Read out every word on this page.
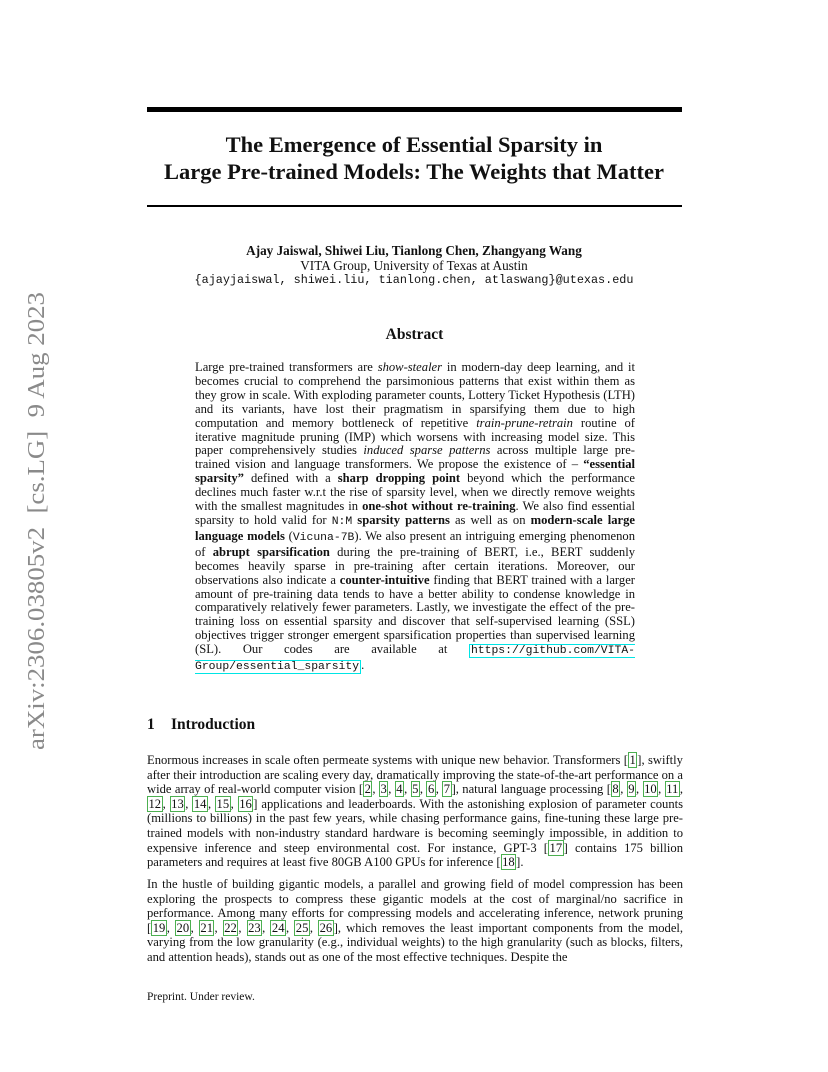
arXiv:2306.03805v2  [cs.LG]  9 Aug 2023
The Emergence of Essential Sparsity in
Large Pre-trained Models: The Weights that Matter
Ajay Jaiswal, Shiwei Liu, Tianlong Chen, Zhangyang Wang
VITA Group, University of Texas at Austin
{ajayjaiswal, shiwei.liu, tianlong.chen, atlaswang}@utexas.edu
Abstract
Large pre-trained transformers are show-stealer in modern-day deep learning, and it becomes crucial to comprehend the parsimonious patterns that exist within them as they grow in scale. With exploding parameter counts, Lottery Ticket Hypothesis (LTH) and its variants, have lost their pragmatism in sparsifying them due to high computation and memory bottleneck of repetitive train-prune-retrain routine of iterative magnitude pruning (IMP) which worsens with increasing model size. This paper comprehensively studies induced sparse patterns across multiple large pre-trained vision and language transformers. We propose the existence of – “essential sparsity” defined with a sharp dropping point beyond which the performance declines much faster w.r.t the rise of sparsity level, when we directly remove weights with the smallest magnitudes in one-shot without re-training. We also find essential sparsity to hold valid for N:M sparsity patterns as well as on modern-scale large language models (Vicuna-7B). We also present an intriguing emerging phenomenon of abrupt sparsification during the pre-training of BERT, i.e., BERT suddenly becomes heavily sparse in pre-training after certain iterations. Moreover, our observations also indicate a counter-intuitive finding that BERT trained with a larger amount of pre-training data tends to have a better ability to condense knowledge in comparatively relatively fewer parameters. Lastly, we investigate the effect of the pre-training loss on essential sparsity and discover that self-supervised learning (SSL) objectives trigger stronger emergent sparsification properties than supervised learning (SL). Our codes are available at https://github.com/VITA-Group/essential_sparsity .
1 Introduction
Enormous increases in scale often permeate systems with unique new behavior. Transformers [ 1 ], swiftly after their introduction are scaling every day, dramatically improving the state-of-the-art performance on a wide array of real-world computer vision [ 2 , 3 , 4 , 5 , 6 , 7 ], natural language processing [ 8 , 9 , 10 , 11 , 12 , 13 , 14 , 15 , 16 ] applications and leaderboards. With the astonishing explosion of parameter counts (millions to billions) in the past few years, while chasing performance gains, fine-tuning these large pre-trained models with non-industry standard hardware is becoming seemingly impossible, in addition to expensive inference and steep environmental cost. For instance, GPT-3 [ 17 ] contains 175 billion parameters and requires at least five 80GB A100 GPUs for inference [ 18 ].
In the hustle of building gigantic models, a parallel and growing field of model compression has been exploring the prospects to compress these gigantic models at the cost of marginal/no sacrifice in performance. Among many efforts for compressing models and accelerating inference, network pruning [ 19 , 20 , 21 , 22 , 23 , 24 , 25 , 26 ], which removes the least important components from the model, varying from the low granularity (e.g., individual weights) to the high granularity (such as blocks, filters, and attention heads), stands out as one of the most effective techniques. Despite the
Preprint. Under review.
